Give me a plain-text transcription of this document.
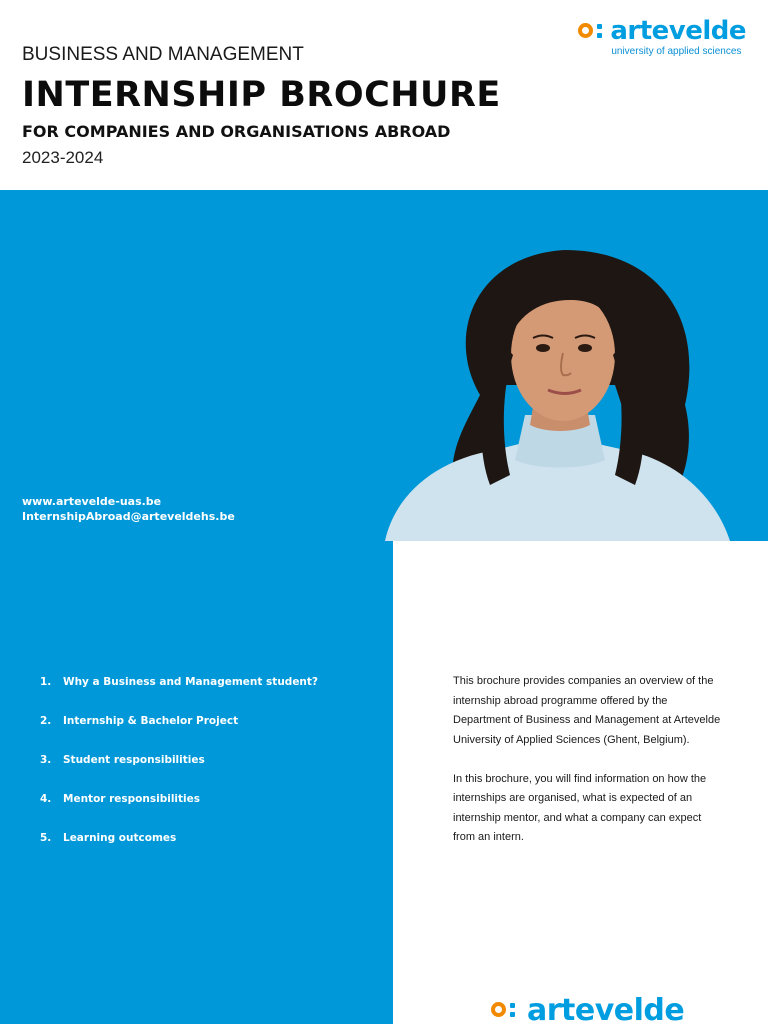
BUSINESS AND MANAGEMENT
INTERNSHIP BROCHURE
FOR COMPANIES AND ORGANISATIONS ABROAD
2023-2024
artevelde
university of applied sciences
www.artevelde-uas.be
InternshipAbroad@arteveldehs.be
1.	Why a Business and Management student?
2.	Internship & Bachelor Project
3.	Student responsibilities
4.	Mentor responsibilities
5.	Learning outcomes

This brochure provides companies an overview of the internship abroad programme offered by the Department of Business and Management at Artevelde University of Applied Sciences (Ghent, Belgium).

In this brochure, you will find information on how the internships are organised, what is expected of an internship mentor, and what a company can expect from an intern.

artevelde
